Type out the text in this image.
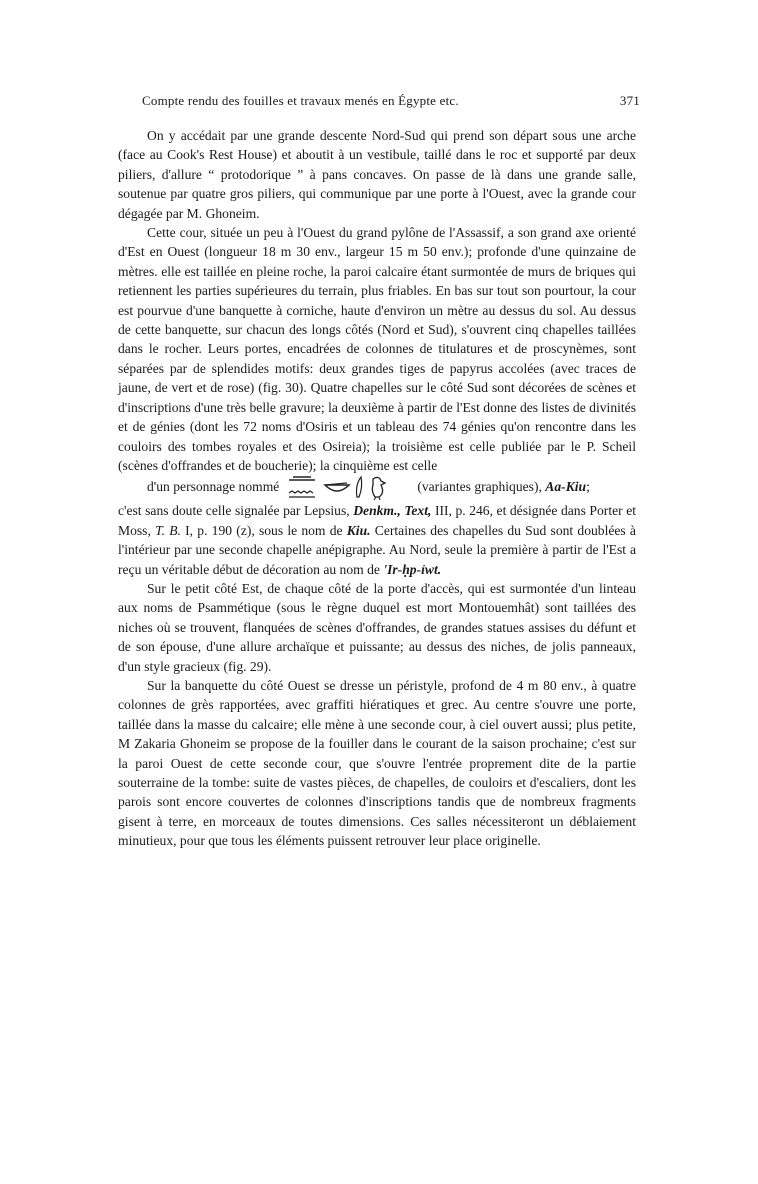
Compte rendu des fouilles et travaux menés en Égypte etc.	371

On y accédait par une grande descente Nord-Sud qui prend son départ sous une arche (face au Cook's Rest House) et aboutit à un vestibule, taillé dans le roc et supporté par deux piliers, d'allure “ protodorique ” à pans concaves. On passe de là dans une grande salle, soutenue par quatre gros piliers, qui communique par une porte à l'Ouest, avec la grande cour dégagée par M. Ghoneim.

Cette cour, située un peu à l'Ouest du grand pylône de l'Assassif, a son grand axe orienté d'Est en Ouest (longueur 18 m 30 env., largeur 15 m 50 env.); profonde d'une quinzaine de mètres. elle est taillée en pleine roche, la paroi calcaire étant surmontée de murs de briques qui retiennent les parties supérieures du terrain, plus friables. En bas sur tout son pourtour, la cour est pourvue d'une banquette à corniche, haute d'environ un mètre au dessus du sol. Au dessus de cette banquette, sur chacun des longs côtés (Nord et Sud), s'ouvrent cinq chapelles taillées dans le rocher. Leurs portes, encadrées de colonnes de titulatures et de proscynèmes, sont séparées par de splendides motifs: deux grandes tiges de papyrus accolées (avec traces de jaune, de vert et de rose) (fig. 30). Quatre chapelles sur le côté Sud sont décorées de scènes et d'inscriptions d'une très belle gravure; la deuxième à partir de l'Est donne des listes de divinités et de génies (dont les 72 noms d'Osiris et un tableau des 74 génies qu'on rencontre dans les couloirs des tombes royales et des Osireia); la troisième est celle publiée par le P. Scheil (scènes d'offrandes et de boucherie); la cinquième est celle

d'un personnage nommé	(variantes graphiques), Aa-Kiu;

c'est sans doute celle signalée par Lepsius, Denkm., Text, III, p. 246, et désignée dans Porter et Moss, T. B. I, p. 190 (z), sous le nom de Kiu. Certaines des chapelles du Sud sont doublées à l'intérieur par une seconde chapelle anépigraphe. Au Nord, seule la première à partir de l'Est a reçu un véritable début de décoration au nom de 'Ir-ḥp-ỉwt.

Sur le petit côté Est, de chaque côté de la porte d'accès, qui est surmontée d'un linteau aux noms de Psammétique (sous le règne duquel est mort Montouemhât) sont taillées des niches où se trouvent, flanquées de scènes d'offrandes, de grandes statues assises du défunt et de son épouse, d'une allure archaïque et puissante; au dessus des niches, de jolis panneaux, d'un style gracieux (fig. 29).

Sur la banquette du côté Ouest se dresse un péristyle, profond de 4 m 80 env., à quatre colonnes de grès rapportées, avec graffiti hiératiques et grec. Au centre s'ouvre une porte, taillée dans la masse du calcaire; elle mène à une seconde cour, à ciel ouvert aussi; plus petite, M Zakaria Ghoneim se propose de la fouiller dans le courant de la saison prochaine; c'est sur la paroi Ouest de cette seconde cour, que s'ouvre l'entrée proprement dite de la partie souterraine de la tombe: suite de vastes pièces, de chapelles, de couloirs et d'escaliers, dont les parois sont encore couvertes de colonnes d'inscriptions tandis que de nombreux fragments gisent à terre, en morceaux de toutes dimensions. Ces salles nécessiteront un déblaiement minutieux, pour que tous les éléments puissent retrouver leur place originelle.
